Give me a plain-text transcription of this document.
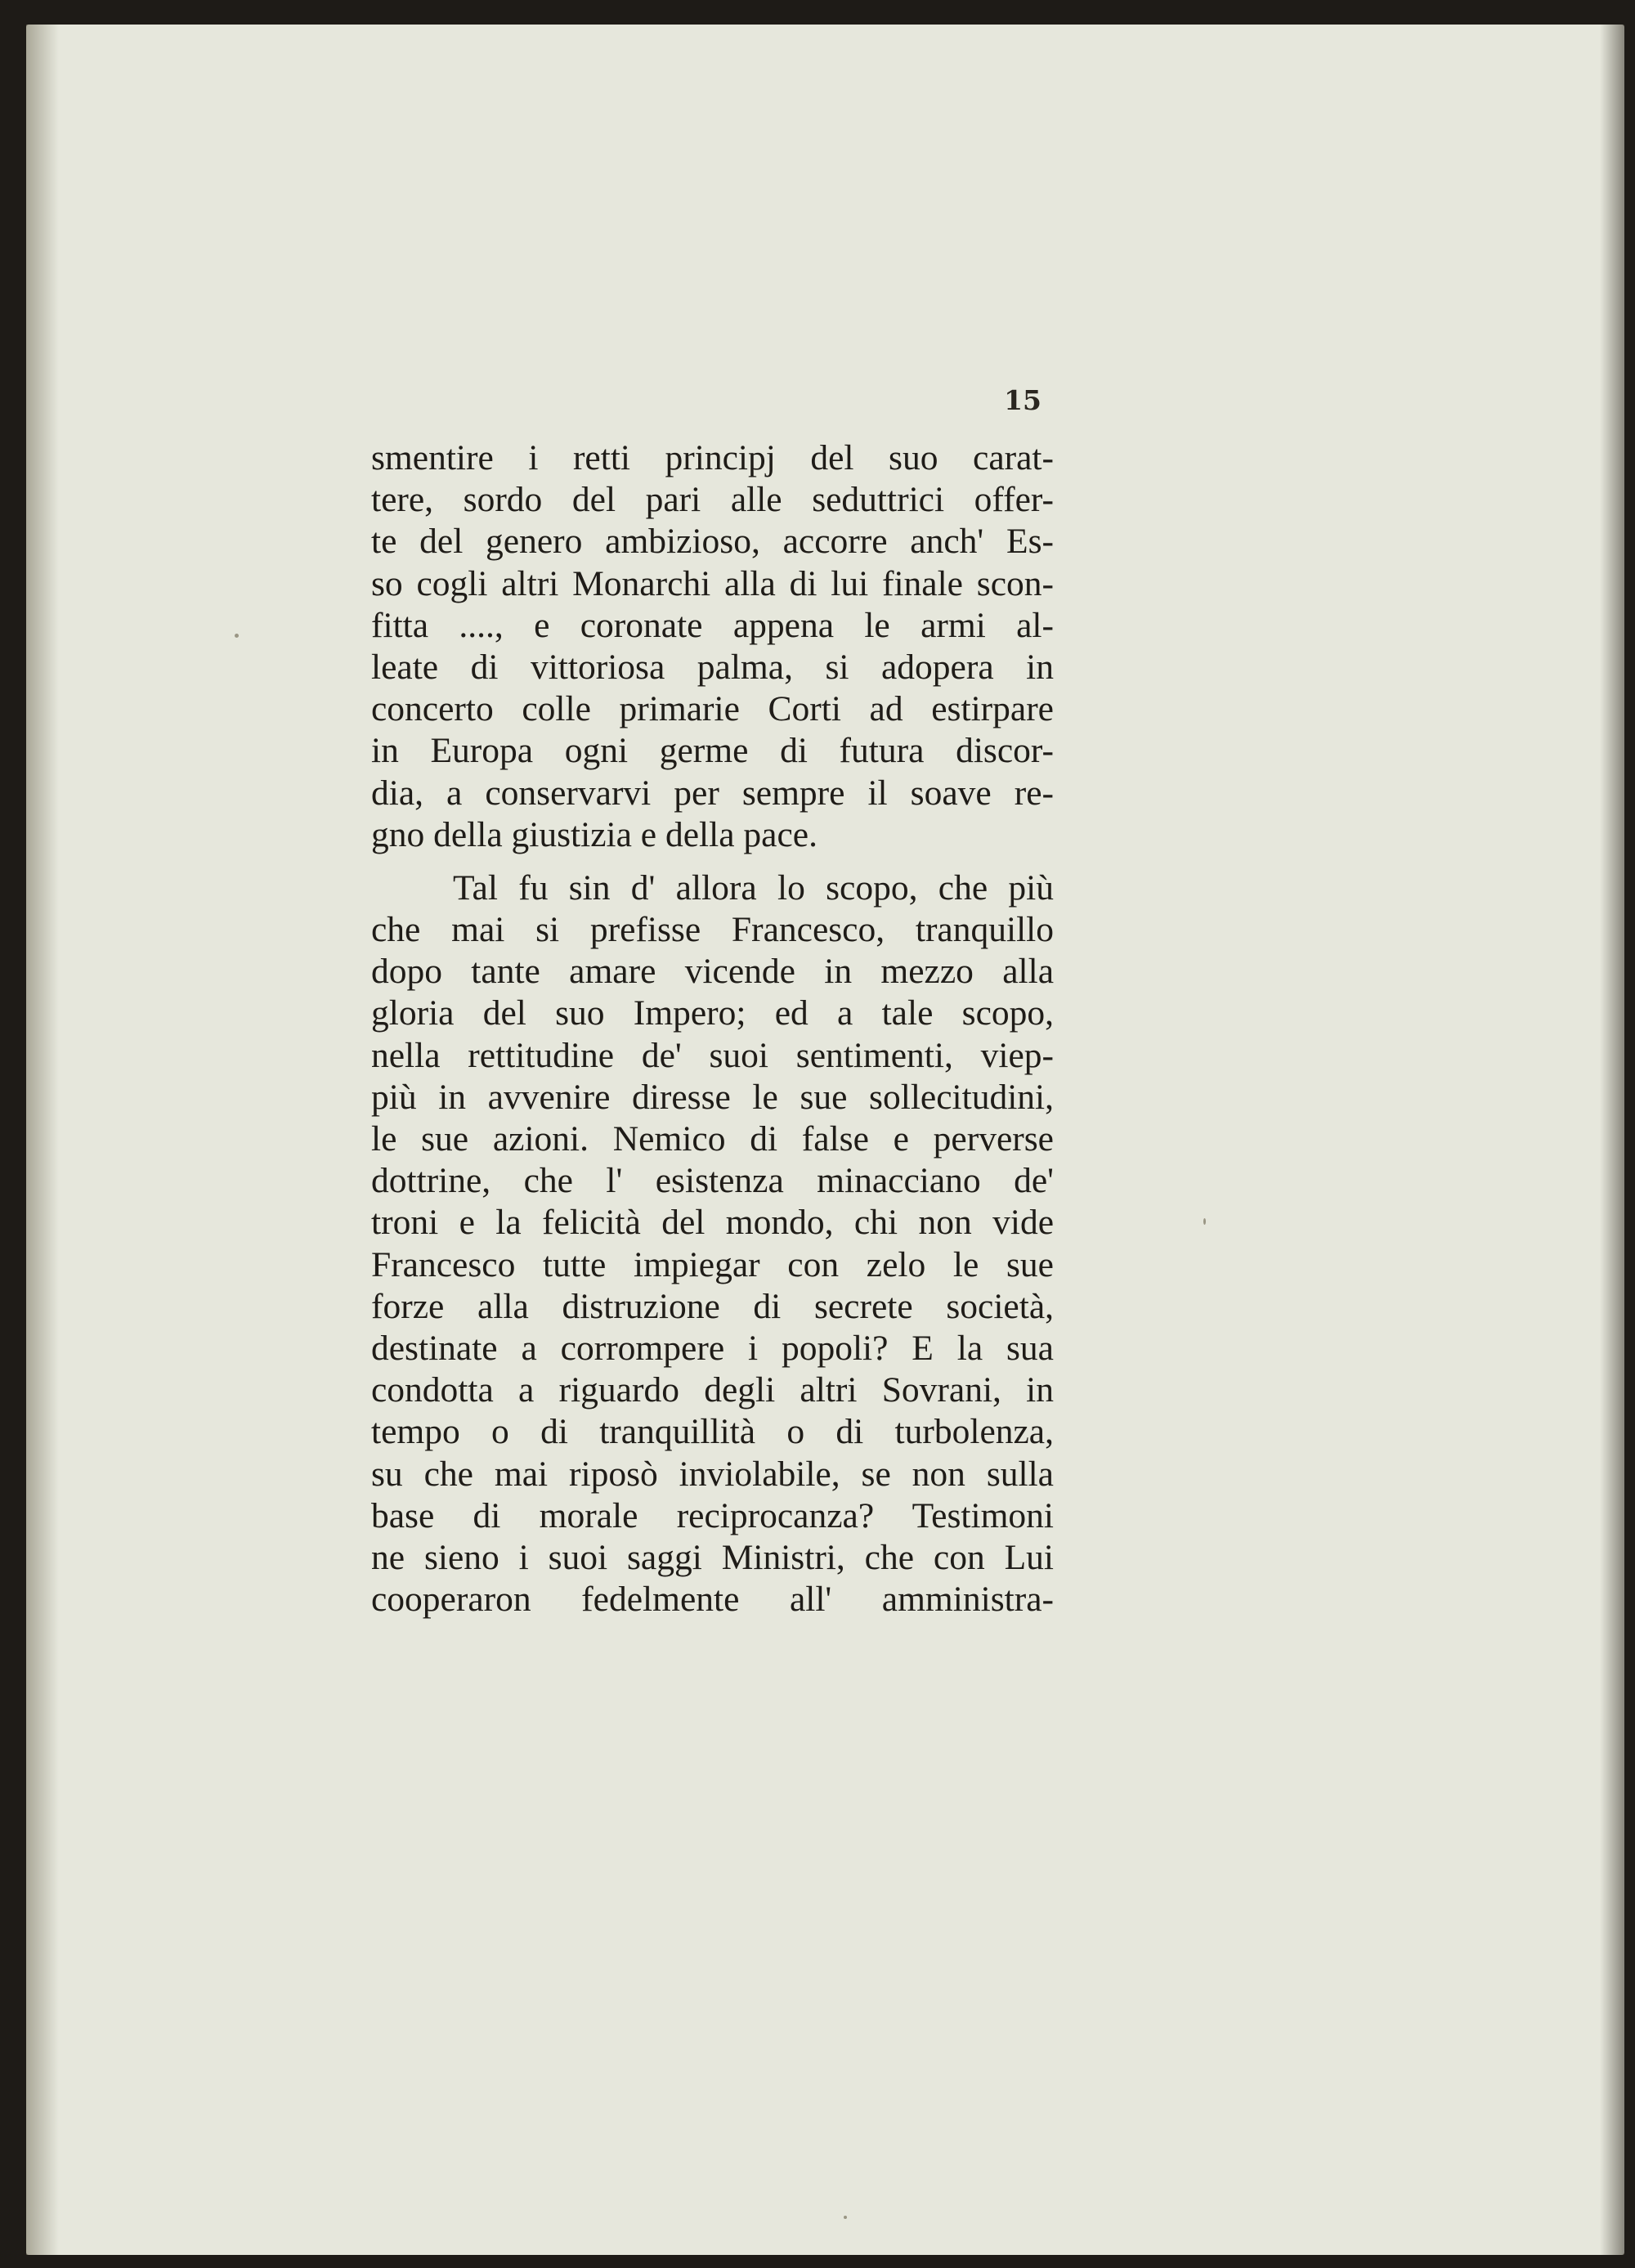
15
smentire i retti principj del suo carat-
tere, sordo del pari alle seduttrici offer-
te del genero ambizioso, accorre anch' Es-
so cogli altri Monarchi alla di lui finale scon-
fitta ...., e coronate appena le armi al-
leate di vittoriosa palma, si adopera in
concerto colle primarie Corti ad estirpare
in Europa ogni germe di futura discor-
dia, a conservarvi per sempre il soave re-
gno della giustizia e della pace.
Tal fu sin d' allora lo scopo, che più
che mai si prefisse Francesco, tranquillo
dopo tante amare vicende in mezzo alla
gloria del suo Impero; ed a tale scopo,
nella rettitudine de' suoi sentimenti, viep-
più in avvenire diresse le sue sollecitudini,
le sue azioni. Nemico di false e perverse
dottrine, che l' esistenza minacciano de'
troni e la felicità del mondo, chi non vide
Francesco tutte impiegar con zelo le sue
forze alla distruzione di secrete società,
destinate a corrompere i popoli? E la sua
condotta a riguardo degli altri Sovrani, in
tempo o di tranquillità o di turbolenza,
su che mai riposò inviolabile, se non sulla
base di morale reciprocanza? Testimoni
ne sieno i suoi saggi Ministri, che con Lui
cooperaron fedelmente all' amministra-
